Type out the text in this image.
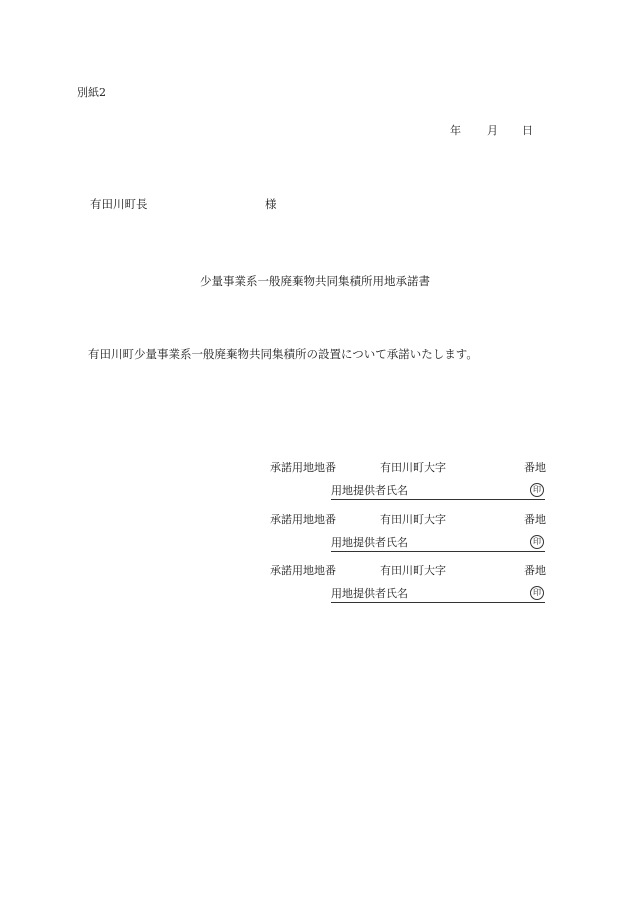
別紙2
年 月 日
有田川町長	様
少量事業系一般廃棄物共同集積所用地承諾書
有田川町少量事業系一般廃棄物共同集積所の設置について承諾いたします。
承諾用地地番	有田川町大字	番地
用地提供者氏名	印
承諾用地地番	有田川町大字	番地
用地提供者氏名	印
承諾用地地番	有田川町大字	番地
用地提供者氏名	印
